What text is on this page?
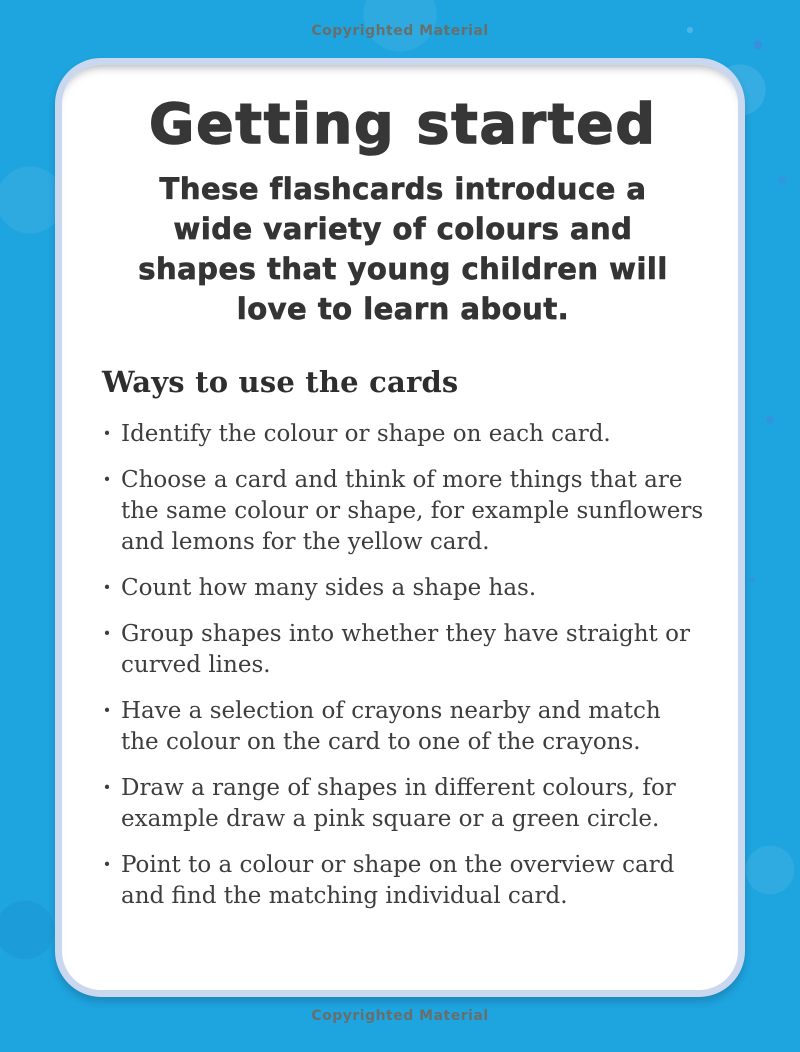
Copyrighted Material
Getting started
These flashcards introduce a
wide variety of colours and
shapes that young children will
love to learn about.
Ways to use the cards
· Identify the colour or shape on each card.
· Choose a card and think of more things that are the same colour or shape, for example sunflowers and lemons for the yellow card.
· Count how many sides a shape has.
· Group shapes into whether they have straight or curved lines.
· Have a selection of crayons nearby and match the colour on the card to one of the crayons.
· Draw a range of shapes in different colours, for example draw a pink square or a green circle.
· Point to a colour or shape on the overview card and find the matching individual card.
Copyrighted Material
